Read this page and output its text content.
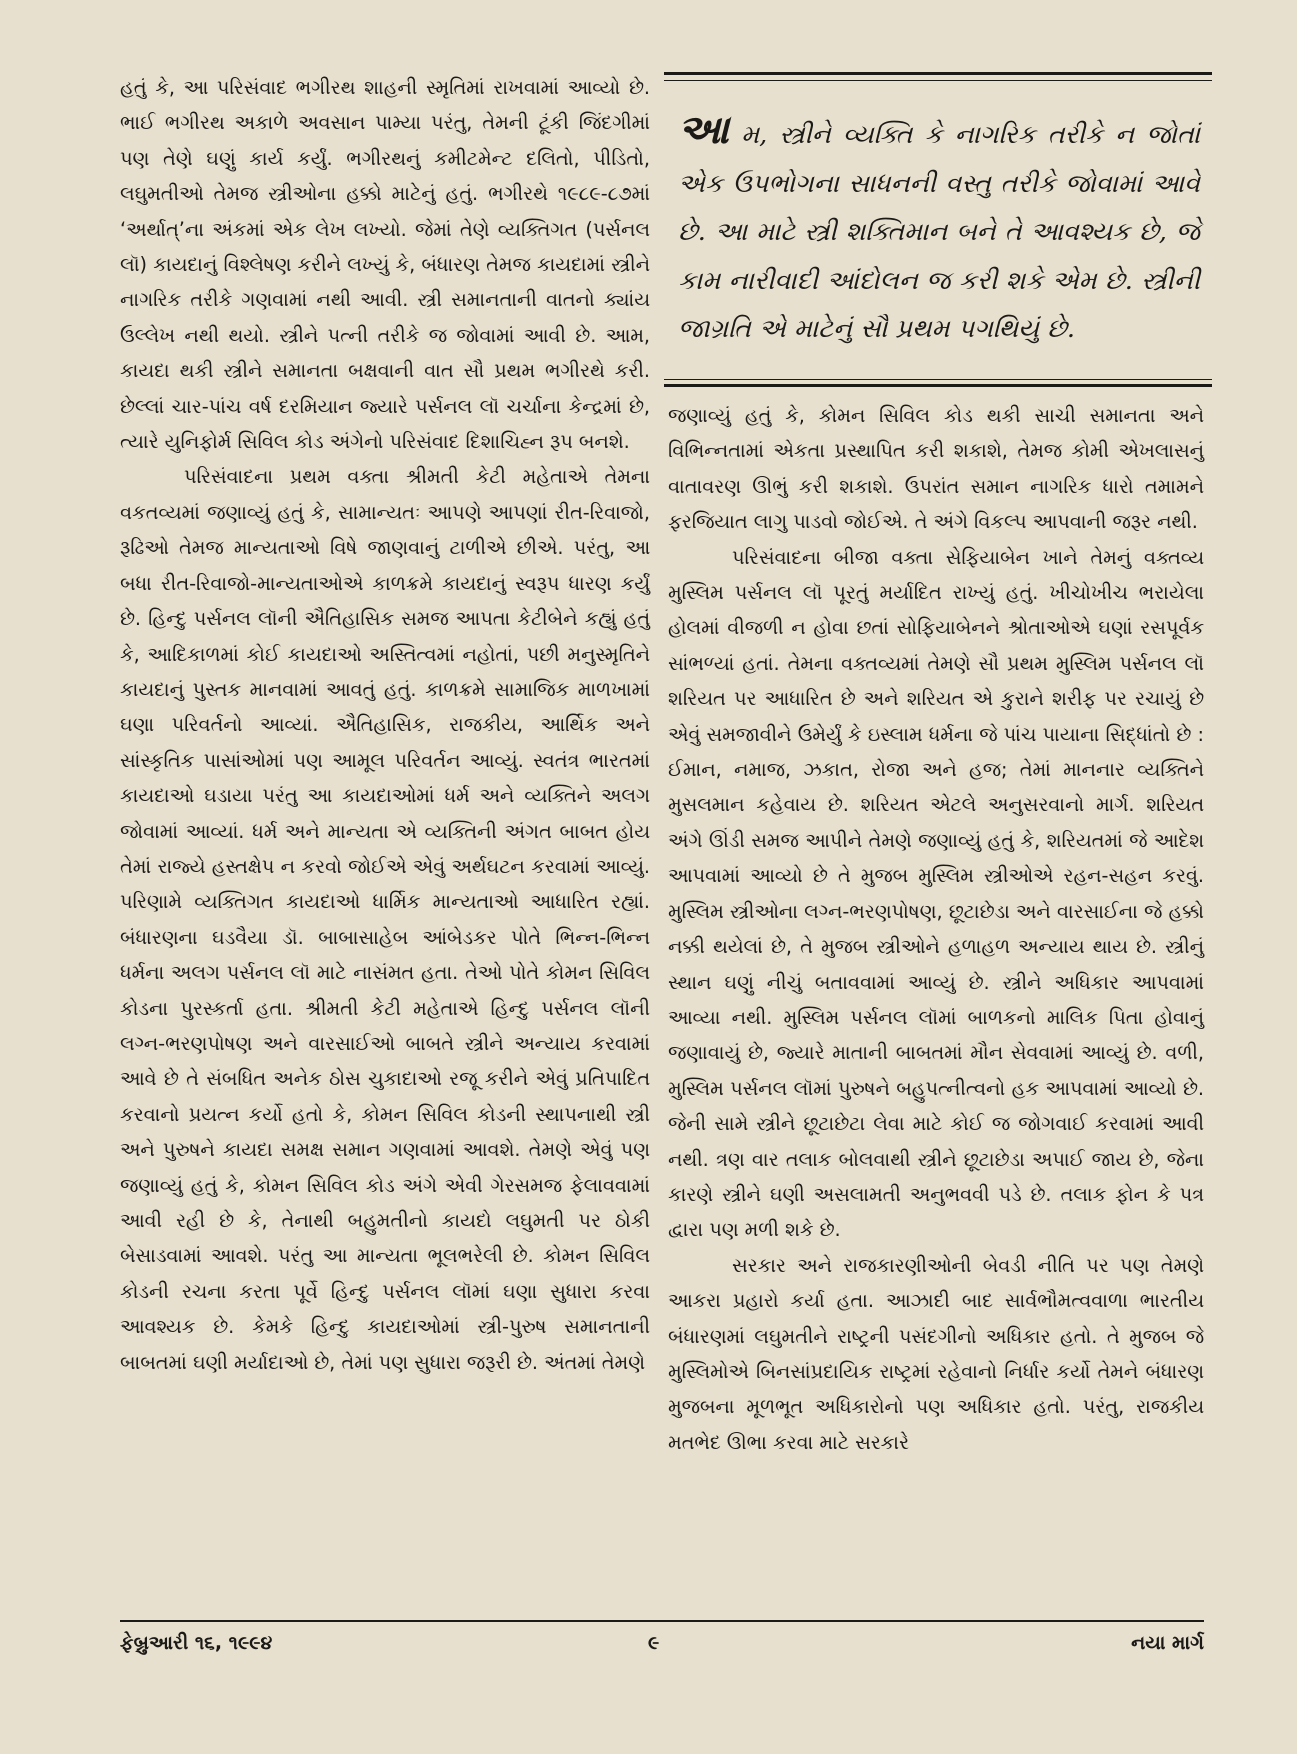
હતું કે, આ પરિસંવાદ ભગીરથ શાહની સ્મૃતિમાં રાખવામાં આવ્યો છે. ભાઈ ભગીરથ અકાળે અવસાન પામ્યા પરંતુ, તેમની ટૂંકી જિંદગીમાં પણ તેણે ઘણું કાર્ય કર્યું. ભગીરથનું કમીટમેન્ટ દલિતો, પીડિતો, લઘુમતીઓ તેમજ સ્ત્રીઓના હક્કો માટેનું હતું. ભગીરથે ૧૯૮૯-૮૭માં ‘અર્થાત્’ના અંકમાં એક લેખ લખ્યો. જેમાં તેણે વ્યક્તિગત (પર્સનલ લૉ) કાયદાનું વિશ્લેષણ કરીને લખ્યું કે, બંધારણ તેમજ કાયદામાં સ્ત્રીને નાગરિક તરીકે ગણવામાં નથી આવી. સ્ત્રી સમાનતાની વાતનો ક્યાંય ઉલ્લેખ નથી થયો. સ્ત્રીને પત્ની તરીકે જ જોવામાં આવી છે. આમ, કાયદા થકી સ્ત્રીને સમાનતા બક્ષવાની વાત સૌ પ્રથમ ભગીરથે કરી. છેલ્લાં ચાર-પાંચ વર્ષ દરમિયાન જ્યારે પર્સનલ લૉ ચર્ચાના કેન્દ્રમાં છે, ત્યારે યુનિફોર્મ સિવિલ કોડ અંગેનો પરિસંવાદ દિશાચિહ્ન રૂપ બનશે.

પરિસંવાદના પ્રથમ વક્તા શ્રીમતી કેટી મહેતાએ તેમના વકતવ્યમાં જણાવ્યું હતું કે, સામાન્યતઃ આપણે આપણાં રીત-રિવાજો, રૂઢિઓ તેમજ માન્યતાઓ વિષે જાણવાનું ટાળીએ છીએ. પરંતુ, આ બધા રીત-રિવાજો-માન્યતાઓએ કાળક્રમે કાયદાનું સ્વરૂપ ધારણ કર્યું છે. હિન્દુ પર્સનલ લૉની ઐતિહાસિક સમજ આપતા કેટીબેને કહ્યું હતું કે, આદિકાળમાં કોઈ કાયદાઓ અસ્તિત્વમાં નહોતાં, પછી મનુસ્મૃતિને કાયદાનું પુસ્તક માનવામાં આવતું હતું. કાળક્રમે સામાજિક માળખામાં ઘણા પરિવર્તનો આવ્યાં. ઐતિહાસિક, રાજકીય, આર્થિક અને સાંસ્કૃતિક પાસાંઓમાં પણ આમૂલ પરિવર્તન આવ્યું. સ્વતંત્ર ભારતમાં કાયદાઓ ઘડાયા પરંતુ આ કાયદાઓમાં ધર્મ અને વ્યક્તિને અલગ જોવામાં આવ્યાં. ધર્મ અને માન્યતા એ વ્યક્તિની અંગત બાબત હોય તેમાં રાજ્યે હસ્તક્ષેપ ન કરવો જોઈએ એવું અર્થઘટન કરવામાં આવ્યું. પરિણામે વ્યક્તિગત કાયદાઓ ધાર્મિક માન્યતાઓ આધારિત રહ્યાં. બંધારણના ઘડવૈયા ડૉ. બાબાસાહેબ આંબેડકર પોતે ભિન્ન-ભિન્ન ધર્મના અલગ પર્સનલ લૉ માટે નાસંમત હતા. તેઓ પોતે કોમન સિવિલ કોડના પુરસ્કર્તા હતા. શ્રીમતી કેટી મહેતાએ હિન્દુ પર્સનલ લૉની લગ્ન-ભરણપોષણ અને વારસાઈઓ બાબતે સ્ત્રીને અન્યાય કરવામાં આવે છે તે સંબધિત અનેક ઠોસ ચુકાદાઓ રજૂ કરીને એવું પ્રતિપાદિત કરવાનો પ્રયત્ન કર્યો હતો કે, કોમન સિવિલ કોડની સ્થાપનાથી સ્ત્રી અને પુરુષને કાયદા સમક્ષ સમાન ગણવામાં આવશે. તેમણે એવું પણ જણાવ્યું હતું કે, કોમન સિવિલ કોડ અંગે એવી ગેરસમજ ફેલાવવામાં આવી રહી છે કે, તેનાથી બહુમતીનો કાયદો લઘુમતી પર ઠોકી બેસાડવામાં આવશે. પરંતુ આ માન્યતા ભૂલભરેલી છે. કોમન સિવિલ કોડની રચના કરતા પૂર્વે હિન્દુ પર્સનલ લૉમાં ઘણા સુધારા કરવા આવશ્યક છે. કેમકે હિન્દુ કાયદાઓમાં સ્ત્રી-પુરુષ સમાનતાની બાબતમાં ઘણી મર્યાદાઓ છે, તેમાં પણ સુધારા જરૂરી છે. અંતમાં તેમણે

આ મ, સ્ત્રીને વ્યક્તિ કે નાગરિક તરીકે ન જોતાં એક ઉપભોગના સાધનની વસ્તુ તરીકે જોવામાં આવે છે. આ માટે સ્ત્રી શક્તિમાન બને તે આવશ્યક છે, જે કામ નારીવાદી આંદોલન જ કરી શકે એમ છે. સ્ત્રીની જાગ્રતિ એ માટેનું સૌ પ્રથમ પગથિયું છે.

જણાવ્યું હતું કે, કોમન સિવિલ કોડ થકી સાચી સમાનતા અને વિભિન્નતામાં એકતા પ્રસ્થાપિત કરી શકાશે, તેમજ કોમી એખલાસનું વાતાવરણ ઊભું કરી શકાશે. ઉપરાંત સમાન નાગરિક ધારો તમામને ફરજિયાત લાગુ પાડવો જોઈએ. તે અંગે વિકલ્પ આપવાની જરૂર નથી.

પરિસંવાદના બીજા વક્તા સેફિયાબેન ખાને તેમનું વક્તવ્ય મુસ્લિમ પર્સનલ લૉ પૂરતું મર્યાદિત રાખ્યું હતું. ખીચોખીચ ભરાયેલા હોલમાં વીજળી ન હોવા છતાં સોફિયાબેનને શ્રોતાઓએ ઘણાં રસપૂર્વક સાંભળ્યાં હતાં. તેમના વક્તવ્યમાં તેમણે સૌ પ્રથમ મુસ્લિમ પર્સનલ લૉ શરિયત પર આધારિત છે અને શરિયત એ કુરાને શરીફ પર રચાયું છે એવું સમજાવીને ઉમેર્યું કે ઇસ્લામ ધર્મના જે પાંચ પાયાના સિદ્ધાંતો છે : ઈમાન, નમાજ, ઝકાત, રોજા અને હજ; તેમાં માનનાર વ્યક્તિને મુસલમાન કહેવાય છે. શરિયત એટલે અનુસરવાનો માર્ગ. શરિયત અંગે ઊંડી સમજ આપીને તેમણે જણાવ્યું હતું કે, શરિયતમાં જે આદેશ આપવામાં આવ્યો છે તે મુજબ મુસ્લિમ સ્ત્રીઓએ રહન-સહન કરવું. મુસ્લિમ સ્ત્રીઓના લગ્ન-ભરણપોષણ, છૂટાછેડા અને વારસાઈના જે હક્કો નક્કી થયેલાં છે, તે મુજબ સ્ત્રીઓને હળાહળ અન્યાય થાય છે. સ્ત્રીનું સ્થાન ઘણું નીચું બતાવવામાં આવ્યું છે. સ્ત્રીને અધિકાર આપવામાં આવ્યા નથી. મુસ્લિમ પર્સનલ લૉમાં બાળકનો માલિક પિતા હોવાનું જણાવાયું છે, જ્યારે માતાની બાબતમાં મૌન સેવવામાં આવ્યું છે. વળી, મુસ્લિમ પર્સનલ લૉમાં પુરુષને બહુપત્નીત્વનો હક આપવામાં આવ્યો છે. જેની સામે સ્ત્રીને છૂટાછેટા લેવા માટે કોઈ જ જોગવાઈ કરવામાં આવી નથી. ત્રણ વાર તલાક બોલવાથી સ્ત્રીને છૂટાછેડા અપાઈ જાય છે, જેના કારણે સ્ત્રીને ઘણી અસલામતી અનુભવવી પડે છે. તલાક ફોન કે પત્ર દ્વારા પણ મળી શકે છે.

સરકાર અને રાજકારણીઓની બેવડી નીતિ પર પણ તેમણે આકરા પ્રહારો કર્યા હતા. આઝાદી બાદ સાર્વભૌમત્વવાળા ભારતીય બંધારણમાં લઘુમતીને રાષ્ટ્રની પસંદગીનો અધિકાર હતો. તે મુજબ જે મુસ્લિમોએ બિનસાંપ્રદાયિક રાષ્ટ્રમાં રહેવાનો નિર્ધાર કર્યો તેમને બંધારણ મુજબના મૂળભૂત અધિકારોનો પણ અધિકાર હતો. પરંતુ, રાજકીય મતભેદ ઊભા કરવા માટે સરકારે

ફેબ્રુઆરી ૧૬, ૧૯૯૪	૯	નયા માર્ગ
